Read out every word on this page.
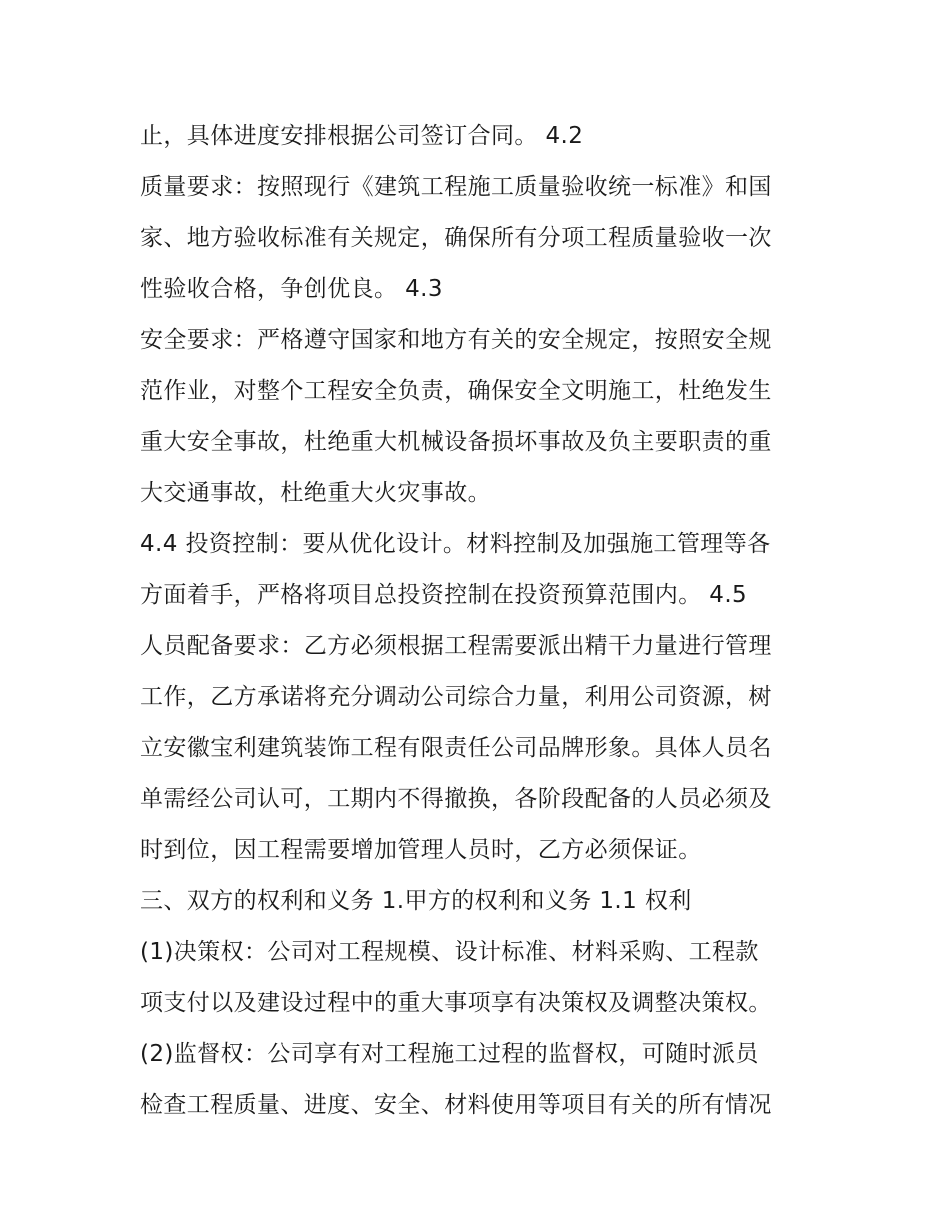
止，具体进度安排根据公司签订合同。 4.2
质量要求：按照现行《建筑工程施工质量验收统一标准》和国
家、地方验收标准有关规定，确保所有分项工程质量验收一次
性验收合格，争创优良。 4.3
安全要求：严格遵守国家和地方有关的安全规定，按照安全规
范作业，对整个工程安全负责，确保安全文明施工，杜绝发生
重大安全事故，杜绝重大机械设备损坏事故及负主要职责的重
大交通事故，杜绝重大火灾事故。
4.4 投资控制：要从优化设计。材料控制及加强施工管理等各
方面着手，严格将项目总投资控制在投资预算范围内。 4.5
人员配备要求：乙方必须根据工程需要派出精干力量进行管理
工作，乙方承诺将充分调动公司综合力量，利用公司资源，树
立安徽宝利建筑装饰工程有限责任公司品牌形象。具体人员名
单需经公司认可，工期内不得撤换，各阶段配备的人员必须及
时到位，因工程需要增加管理人员时，乙方必须保证。
三、双方的权利和义务 1.甲方的权利和义务 1.1 权利
(1)决策权：公司对工程规模、设计标准、材料采购、工程款
项支付以及建设过程中的重大事项享有决策权及调整决策权。
(2)监督权：公司享有对工程施工过程的监督权，可随时派员
检查工程质量、进度、安全、材料使用等项目有关的所有情况
